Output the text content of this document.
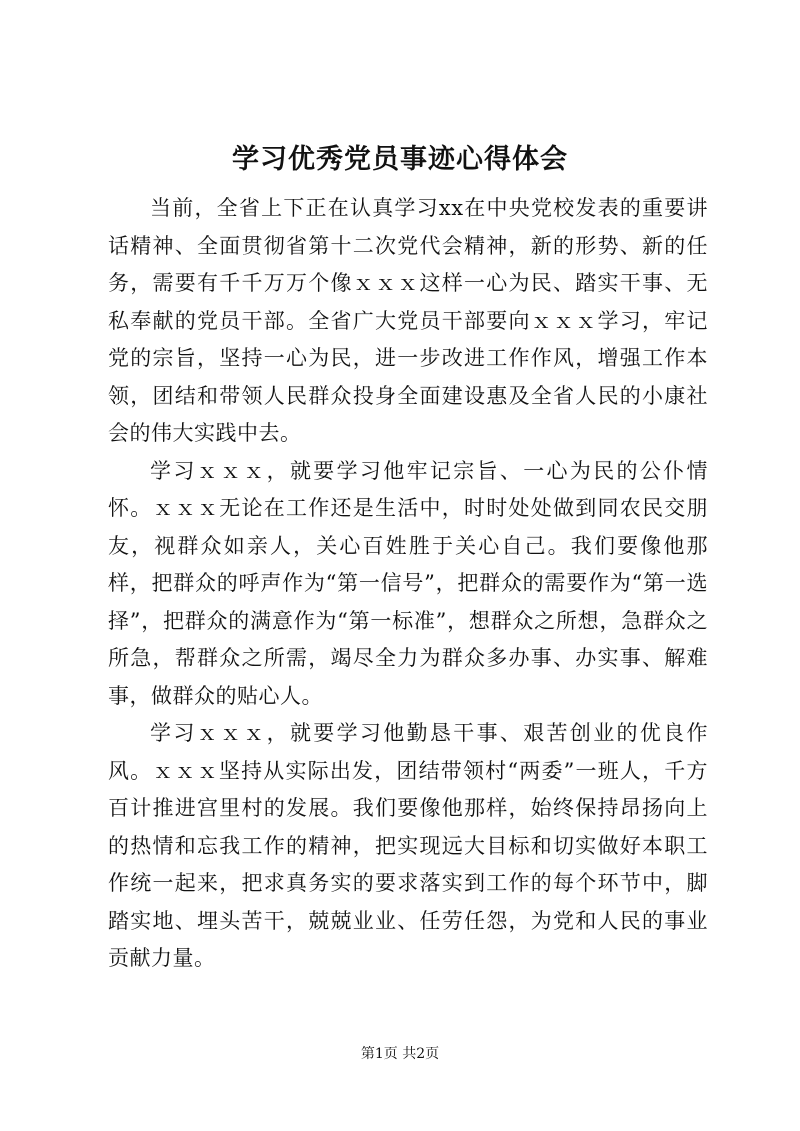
学习优秀党员事迹心得体会

当前，全省上下正在认真学习xx在中央党校发表的重要讲话精神、全面贯彻省第十二次党代会精神，新的形势、新的任务，需要有千千万万个像ｘｘｘ这样一心为民、踏实干事、无私奉献的党员干部。全省广大党员干部要向ｘｘｘ学习，牢记党的宗旨，坚持一心为民，进一步改进工作作风，增强工作本领，团结和带领人民群众投身全面建设惠及全省人民的小康社会的伟大实践中去。

学习ｘｘｘ，就要学习他牢记宗旨、一心为民的公仆情怀。ｘｘｘ无论在工作还是生活中，时时处处做到同农民交朋友，视群众如亲人，关心百姓胜于关心自己。我们要像他那样，把群众的呼声作为“第一信号”，把群众的需要作为“第一选择”，把群众的满意作为“第一标准”，想群众之所想，急群众之所急，帮群众之所需，竭尽全力为群众多办事、办实事、解难事，做群众的贴心人。

学习ｘｘｘ，就要学习他勤恳干事、艰苦创业的优良作风。ｘｘｘ坚持从实际出发，团结带领村“两委”一班人，千方百计推进宫里村的发展。我们要像他那样，始终保持昂扬向上的热情和忘我工作的精神，把实现远大目标和切实做好本职工作统一起来，把求真务实的要求落实到工作的每个环节中，脚踏实地、埋头苦干，兢兢业业、任劳任怨，为党和人民的事业贡献力量。

第1页 共2页
